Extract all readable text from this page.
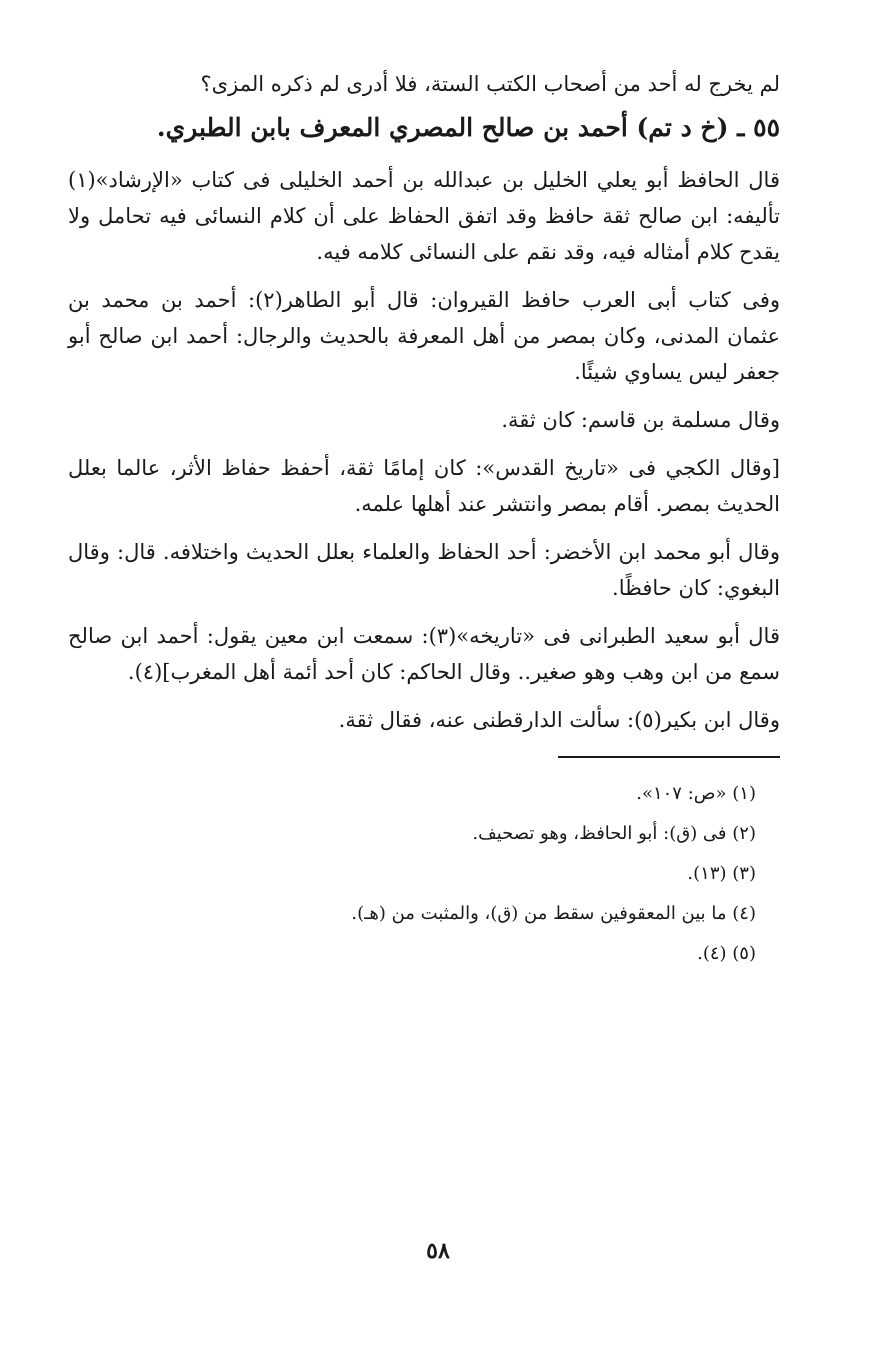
لم يخرج له أحد من أصحاب الكتب الستة، فلا أدرى لم ذكره المزى؟

٥٥ ـ (خ د تم) أحمد بن صالح المصري المعرف بابن الطبري.

قال الحافظ أبو يعلي الخليل بن عبدالله بن أحمد الخليلى فى كتاب «الإرشاد»(١) تأليفه: ابن صالح ثقة حافظ وقد اتفق الحفاظ على أن كلام النسائى فيه تحامل ولا يقدح كلام أمثاله فيه، وقد نقم على النسائى كلامه فيه.

وفى كتاب أبى العرب حافظ القيروان: قال أبو الطاهر(٢): أحمد بن محمد بن عثمان المدنى، وكان بمصر من أهل المعرفة بالحديث والرجال: أحمد ابن صالح أبو جعفر ليس يساوي شيئًا.

وقال مسلمة بن قاسم: كان ثقة.

[وقال الكجي فى «تاريخ القدس»: كان إمامًا ثقة، أحفظ حفاظ الأثر، عالما بعلل الحديث بمصر. أقام بمصر وانتشر عند أهلها علمه.

وقال أبو محمد ابن الأخضر: أحد الحفاظ والعلماء بعلل الحديث واختلافه. قال: وقال البغوي: كان حافظًا.

قال أبو سعيد الطبرانى فى «تاريخه»(٣): سمعت ابن معين يقول: أحمد ابن صالح سمع من ابن وهب وهو صغير.. وقال الحاكم: كان أحد أئمة أهل المغرب](٤).

وقال ابن بكير(٥): سألت الدارقطنى عنه، فقال ثقة.

(١) «ص: ١٠٧».
(٢) فى (ق): أبو الحافظ، وهو تصحيف.
(٣) (١٣).
(٤) ما بين المعقوفين سقط من (ق)، والمثبت من (هـ).
(٥) (٤).
٥٨
